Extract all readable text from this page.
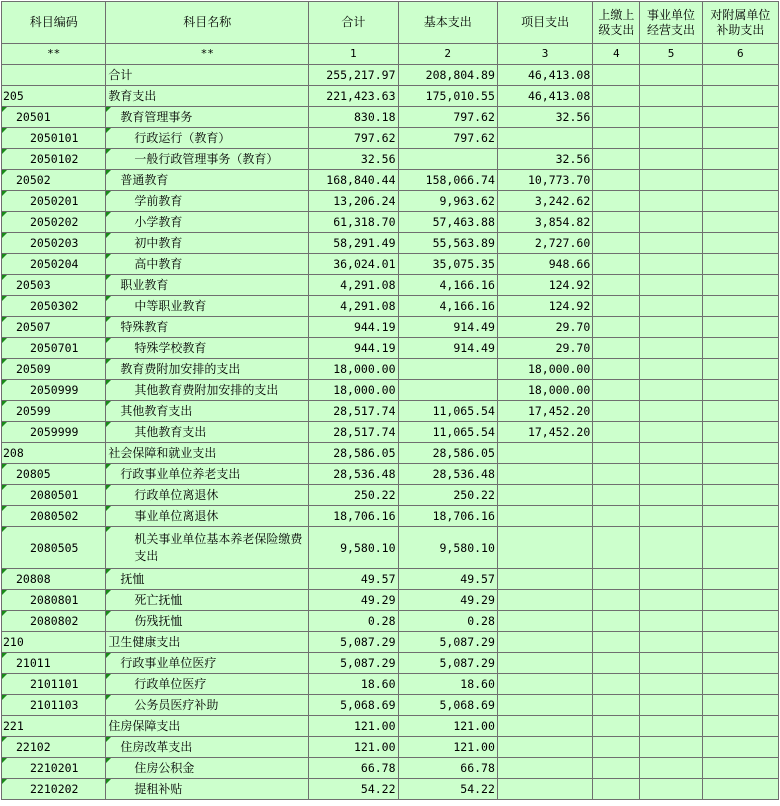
科目编码	科目名称	合计	基本支出	项目支出	上缴上级支出	事业单位经营支出	对附属单位补助支出
**	**	1	2	3	4	5	6
	合计	255,217.97	208,804.89	46,413.08			
205	教育支出	221,423.63	175,010.55	46,413.08			
20501	教育管理事务	830.18	797.62	32.56			
2050101	行政运行（教育）	797.62	797.62				
2050102	一般行政管理事务（教育）	32.56		32.56			
20502	普通教育	168,840.44	158,066.74	10,773.70			
2050201	学前教育	13,206.24	9,963.62	3,242.62			
2050202	小学教育	61,318.70	57,463.88	3,854.82			
2050203	初中教育	58,291.49	55,563.89	2,727.60			
2050204	高中教育	36,024.01	35,075.35	948.66			
20503	职业教育	4,291.08	4,166.16	124.92			
2050302	中等职业教育	4,291.08	4,166.16	124.92			
20507	特殊教育	944.19	914.49	29.70			
2050701	特殊学校教育	944.19	914.49	29.70			
20509	教育费附加安排的支出	18,000.00		18,000.00			
2050999	其他教育费附加安排的支出	18,000.00		18,000.00			
20599	其他教育支出	28,517.74	11,065.54	17,452.20			
2059999	其他教育支出	28,517.74	11,065.54	17,452.20			
208	社会保障和就业支出	28,586.05	28,586.05				
20805	行政事业单位养老支出	28,536.48	28,536.48				
2080501	行政单位离退休	250.22	250.22				
2080502	事业单位离退休	18,706.16	18,706.16				
2080505	机关事业单位基本养老保险缴费支出	9,580.10	9,580.10				
20808	抚恤	49.57	49.57				
2080801	死亡抚恤	49.29	49.29				
2080802	伤残抚恤	0.28	0.28				
210	卫生健康支出	5,087.29	5,087.29				
21011	行政事业单位医疗	5,087.29	5,087.29				
2101101	行政单位医疗	18.60	18.60				
2101103	公务员医疗补助	5,068.69	5,068.69				
221	住房保障支出	121.00	121.00				
22102	住房改革支出	121.00	121.00				
2210201	住房公积金	66.78	66.78				
2210202	提租补贴	54.22	54.22				
